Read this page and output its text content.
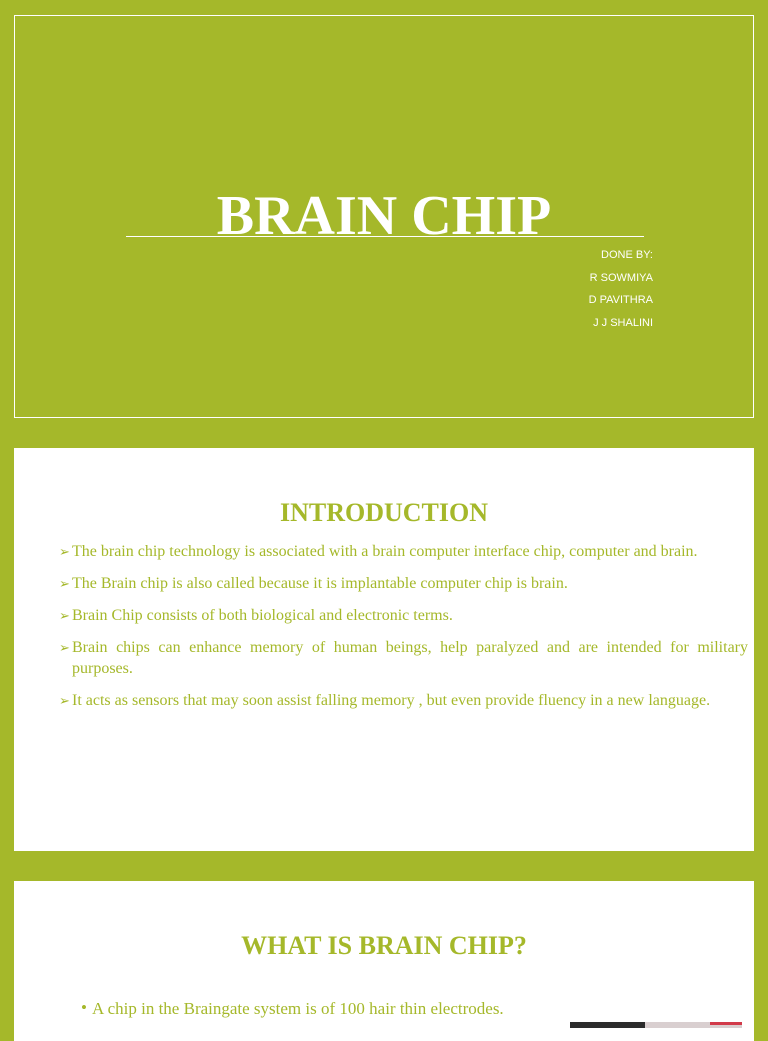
BRAIN CHIP
DONE BY:
R SOWMIYA
D PAVITHRA
J J SHALINI
INTRODUCTION
➢ The brain chip technology is associated with a brain computer interface chip, computer and brain.
➢ The Brain chip is also called because it is implantable computer chip is brain.
➢ Brain Chip consists of both biological and electronic terms.
➢ Brain chips can enhance memory of human beings, help paralyzed and are intended for military purposes.
➢ It acts as sensors that may soon assist falling memory , but even provide fluency in a new language.
WHAT IS BRAIN CHIP?
• A chip in the Braingate system is of 100 hair thin electrodes.
